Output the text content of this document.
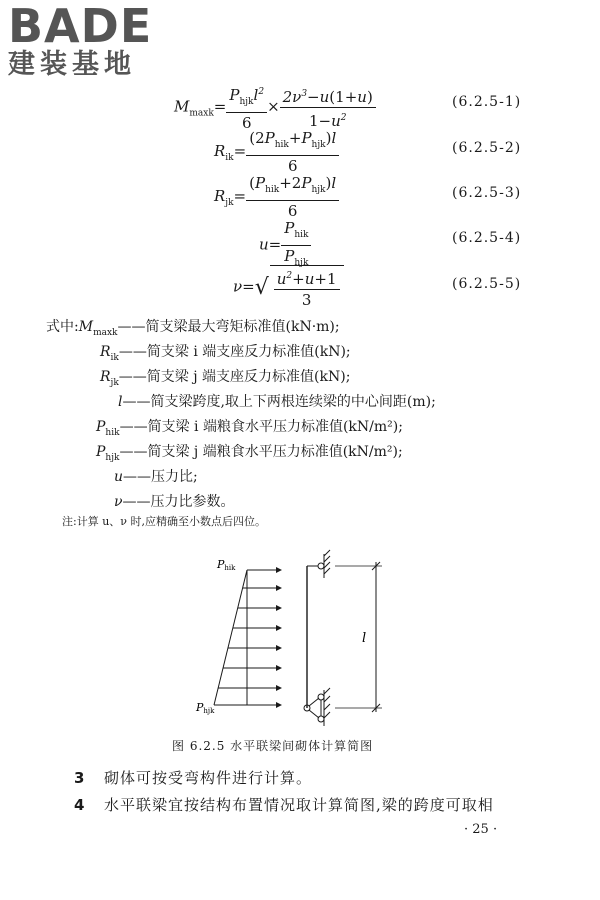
BADE
建装基地
$M_{maxk}= \frac{P_{hjk}l^2}{6} \times \frac{2\nu^3-u(1+u)}{1-u^2}$	(6.2.5-1)
$R_{ik}= \frac{(2P_{hik}+P_{hjk})l}{6}$	(6.2.5-2)
$R_{jk}= \frac{(P_{hik}+2P_{hjk})l}{6}$	(6.2.5-3)
$u= \frac{P_{hik}}{P_{hjk}}$	(6.2.5-4)
$\nu=√ \frac{u^2+u+1}{3}$	(6.2.5-5)
式中$:M_{maxk}——$简支梁最大弯矩标准值(kN·m);
$R_{ik}——$简支梁 i 端支座反力标准值(kN);
$R_{jk}——$简支梁 j 端支座反力标准值(kN);
l——简支梁跨度,取上下两根连续梁的中心间距(m);
$P_{hik}——$简支梁 i 端粮食水平压力标准值(kN/m²);
$P_{hjk}——$简支梁 j 端粮食水平压力标准值(kN/m²);
u——压力比;
ν——压力比参数。
注:计算 u、ν 时,应精确至小数点后四位。
Phik
Phjk
l
图 6.2.5 水平联梁间砌体计算简图
3 砌体可按受弯构件进行计算。
4 水平联梁宜按结构布置情况取计算简图,梁的跨度可取相
· 25 ·
